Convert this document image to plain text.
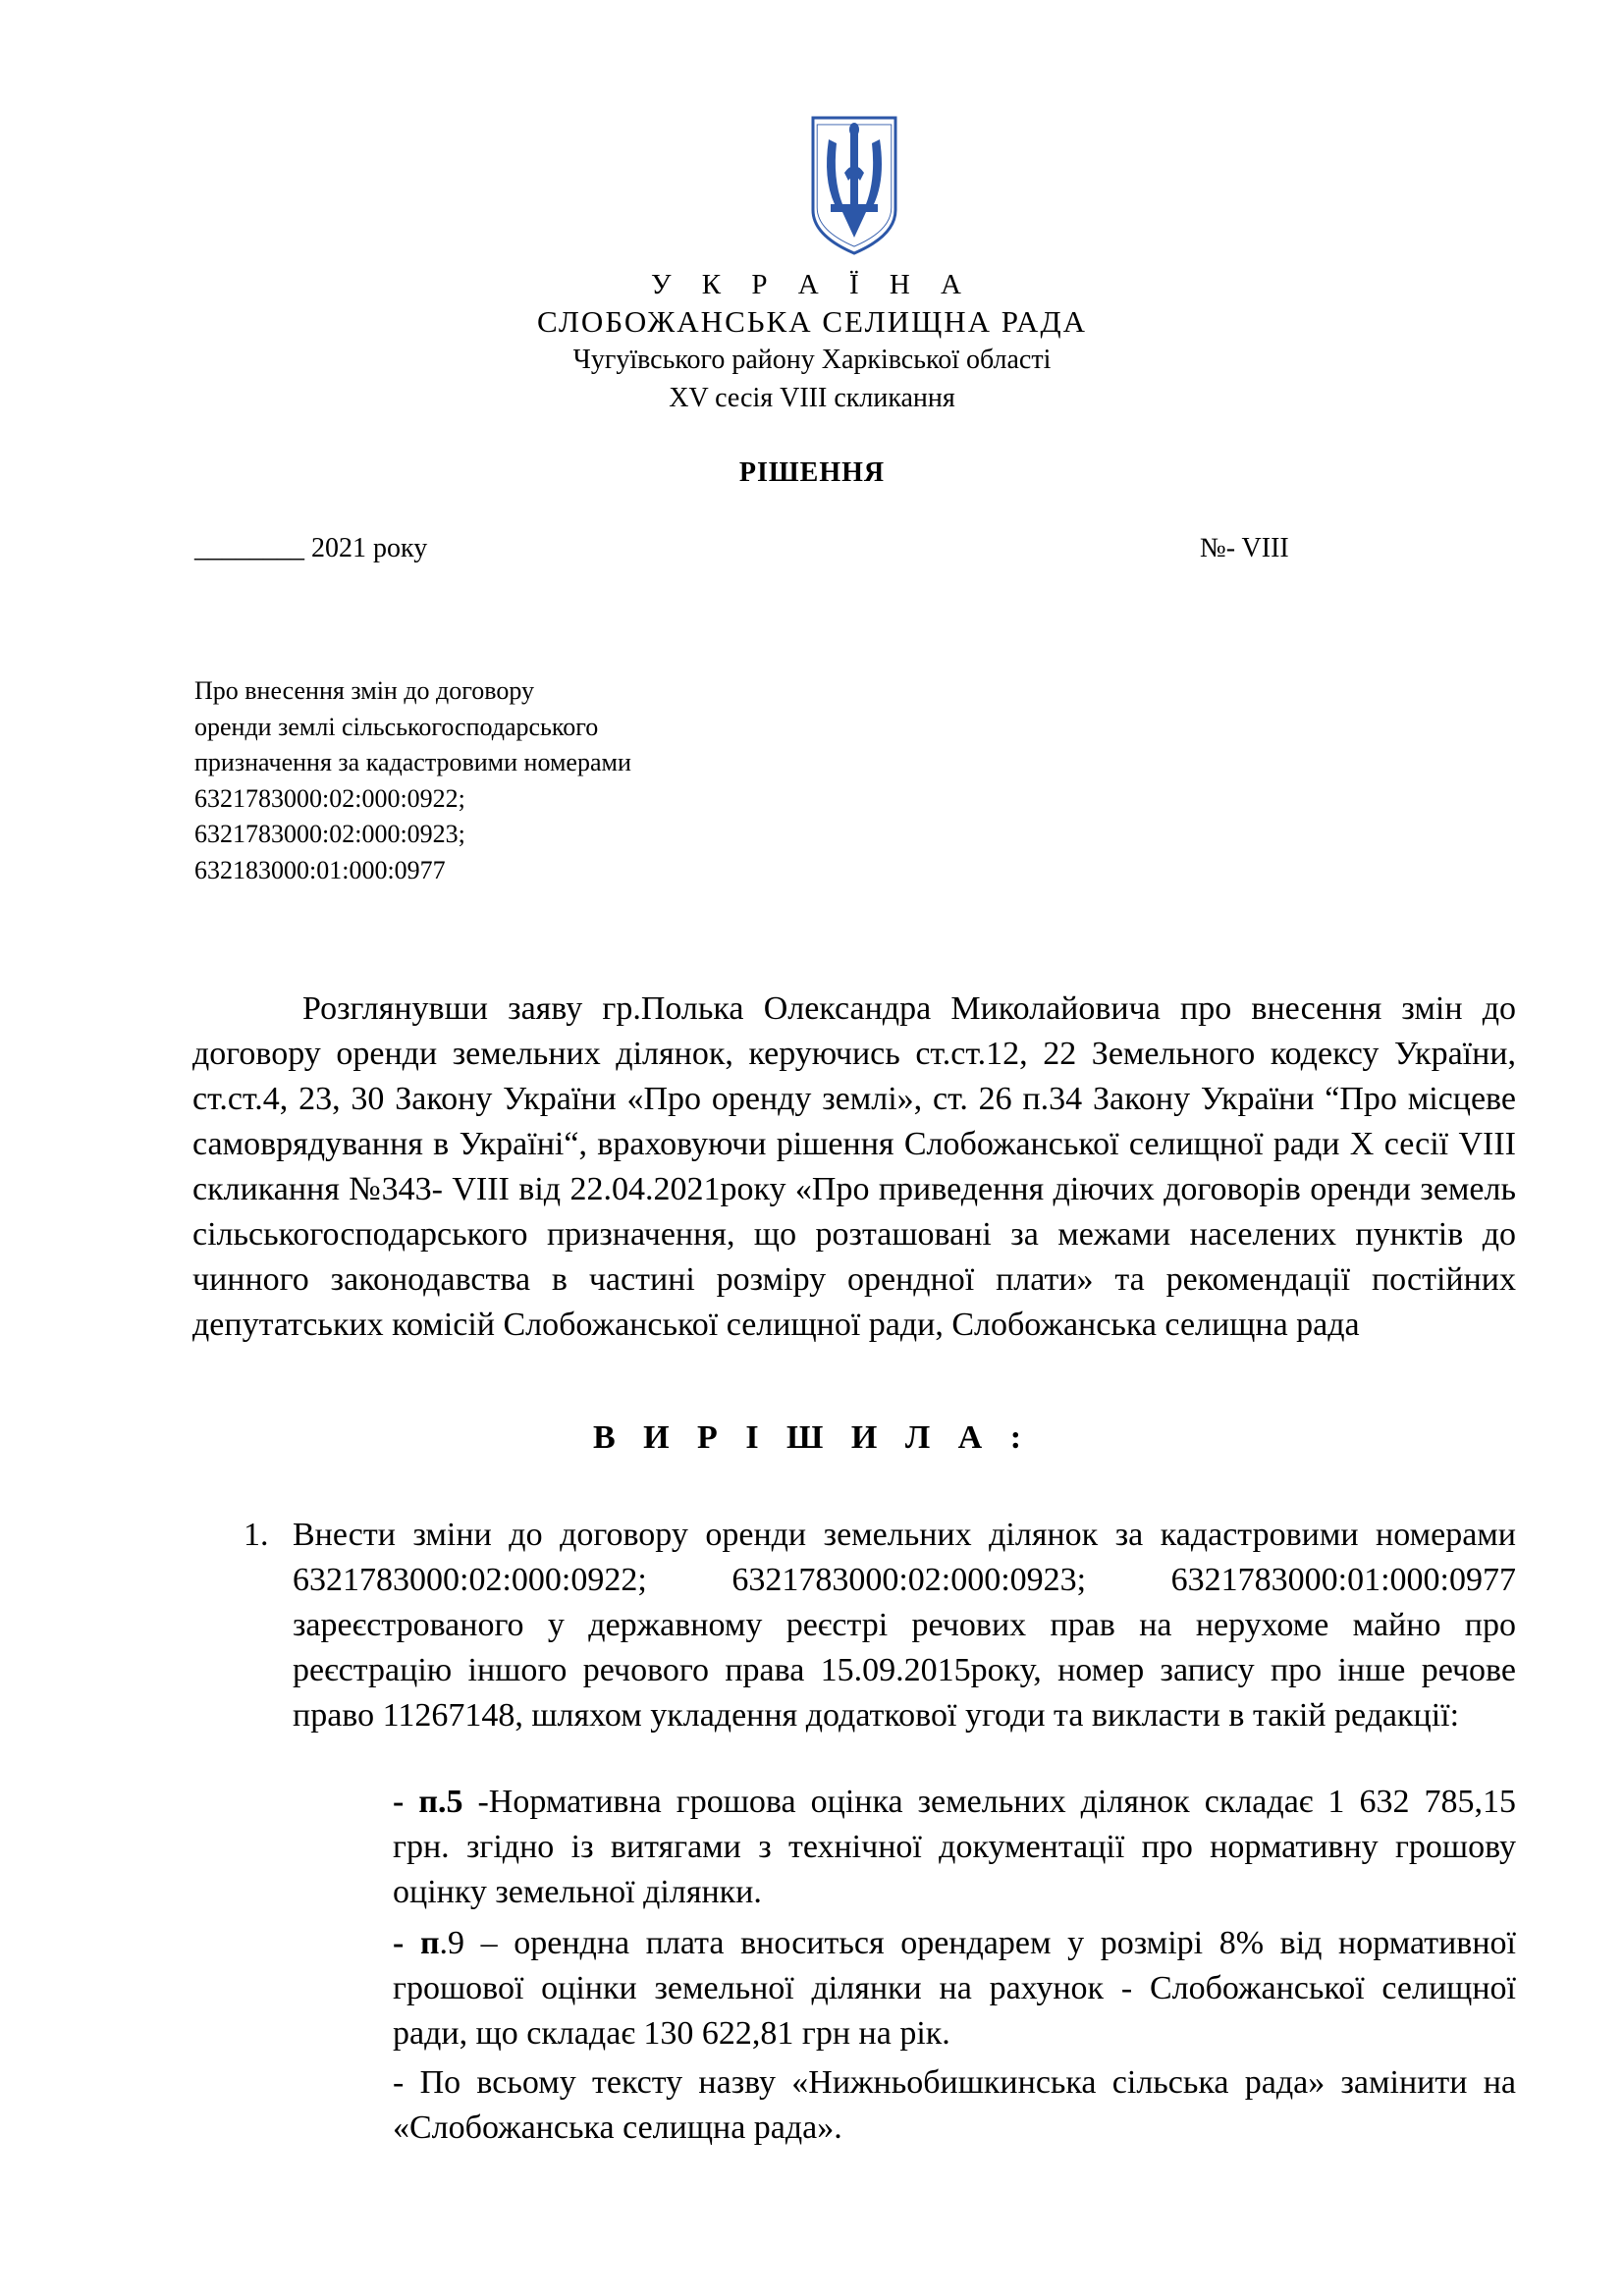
У К Р А Ї Н А
СЛОБОЖАНСЬКА СЕЛИЩНА РАДА
Чугуївського району Харківської області
XV сесія VIII скликання
РІШЕННЯ
________ 2021 року	№- VIII
Про внесення змін до договору
оренди землі сільськогосподарського
призначення за кадастровими номерами
6321783000:02:000:0922;
6321783000:02:000:0923;
632183000:01:000:0977
Розглянувши заяву гр.Полька Олександра Миколайовича про внесення змін до договору оренди земельних ділянок, керуючись ст.ст.12, 22 Земельного кодексу України, ст.ст.4, 23, 30 Закону України «Про оренду землі», ст. 26 п.34 Закону України “Про місцеве самоврядування в Україні“, враховуючи рішення Слобожанської селищної ради X сесії VIII скликання №343- VIII від 22.04.2021року «Про приведення діючих договорів оренди земель сільськогосподарського призначення, що розташовані за межами населених пунктів до чинного законодавства в частині розміру орендної плати» та рекомендації постійних депутатських комісій Слобожанської селищної ради, Слобожанська селищна рада
В И Р І Ш И Л А :
1. Внести зміни до договору оренди земельних ділянок за кадастровими номерами 6321783000:02:000:0922; 6321783000:02:000:0923; 6321783000:01:000:0977 зареєстрованого у державному реєстрі речових прав на нерухоме майно про реєстрацію іншого речового права 15.09.2015року, номер запису про інше речове право 11267148, шляхом укладення додаткової угоди та викласти в такій редакції:
- п.5 -Нормативна грошова оцінка земельних ділянок складає 1 632 785,15 грн. згідно із витягами з технічної документації про нормативну грошову оцінку земельної ділянки.
- п.9 – орендна плата вноситься орендарем у розмірі 8% від нормативної грошової оцінки земельної ділянки на рахунок - Слобожанської селищної ради, що складає 130 622,81 грн на рік.
- По всьому тексту назву «Нижньобишкинська сільська рада» замінити на «Слобожанська селищна рада».
